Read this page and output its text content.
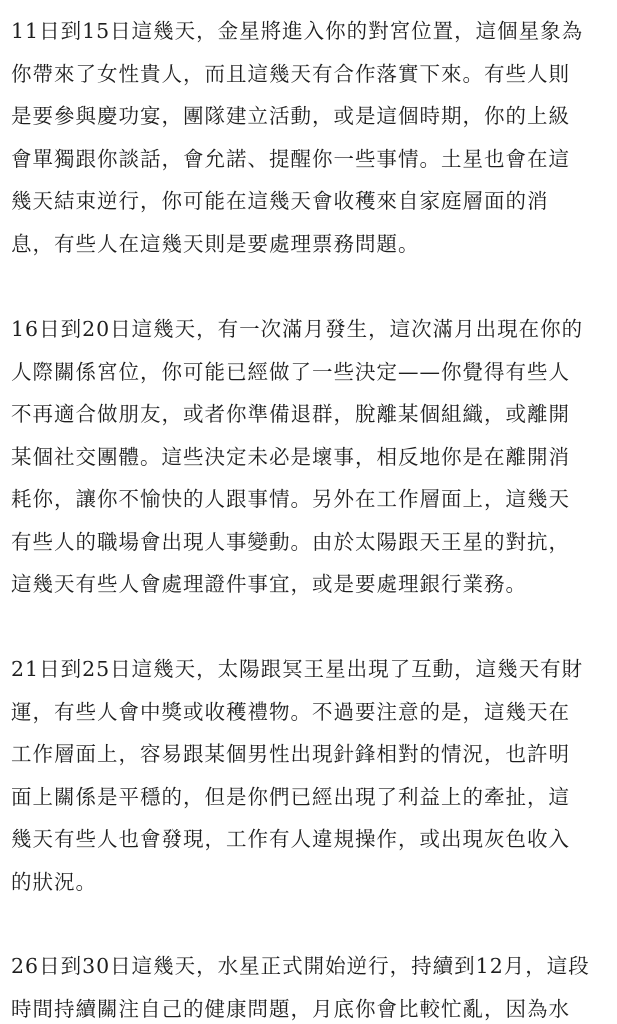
11日到15日這幾天，金星將進入你的對宮位置，這個星象為
你帶來了女性貴人，而且這幾天有合作落實下來。有些人則
是要參與慶功宴，團隊建立活動，或是這個時期，你的上級
會單獨跟你談話，會允諾、提醒你一些事情。土星也會在這
幾天結束逆行，你可能在這幾天會收穫來自家庭層面的消
息，有些人在這幾天則是要處理票務問題。

16日到20日這幾天，有一次滿月發生，這次滿月出現在你的
人際關係宮位，你可能已經做了一些決定——你覺得有些人
不再適合做朋友，或者你準備退群，脫離某個組織，或離開
某個社交團體。這些決定未必是壞事，相反地你是在離開消
耗你，讓你不愉快的人跟事情。另外在工作層面上，這幾天
有些人的職場會出現人事變動。由於太陽跟天王星的對抗，
這幾天有些人會處理證件事宜，或是要處理銀行業務。

21日到25日這幾天，太陽跟冥王星出現了互動，這幾天有財
運，有些人會中獎或收穫禮物。不過要注意的是，這幾天在
工作層面上，容易跟某個男性出現針鋒相對的情況，也許明
面上關係是平穩的，但是你們已經出現了利益上的牽扯，這
幾天有些人也會發現，工作有人違規操作，或出現灰色收入
的狀況。

26日到30日這幾天，水星正式開始逆行，持續到12月，這段
時間持續關注自己的健康問題，月底你會比較忙亂，因為水
